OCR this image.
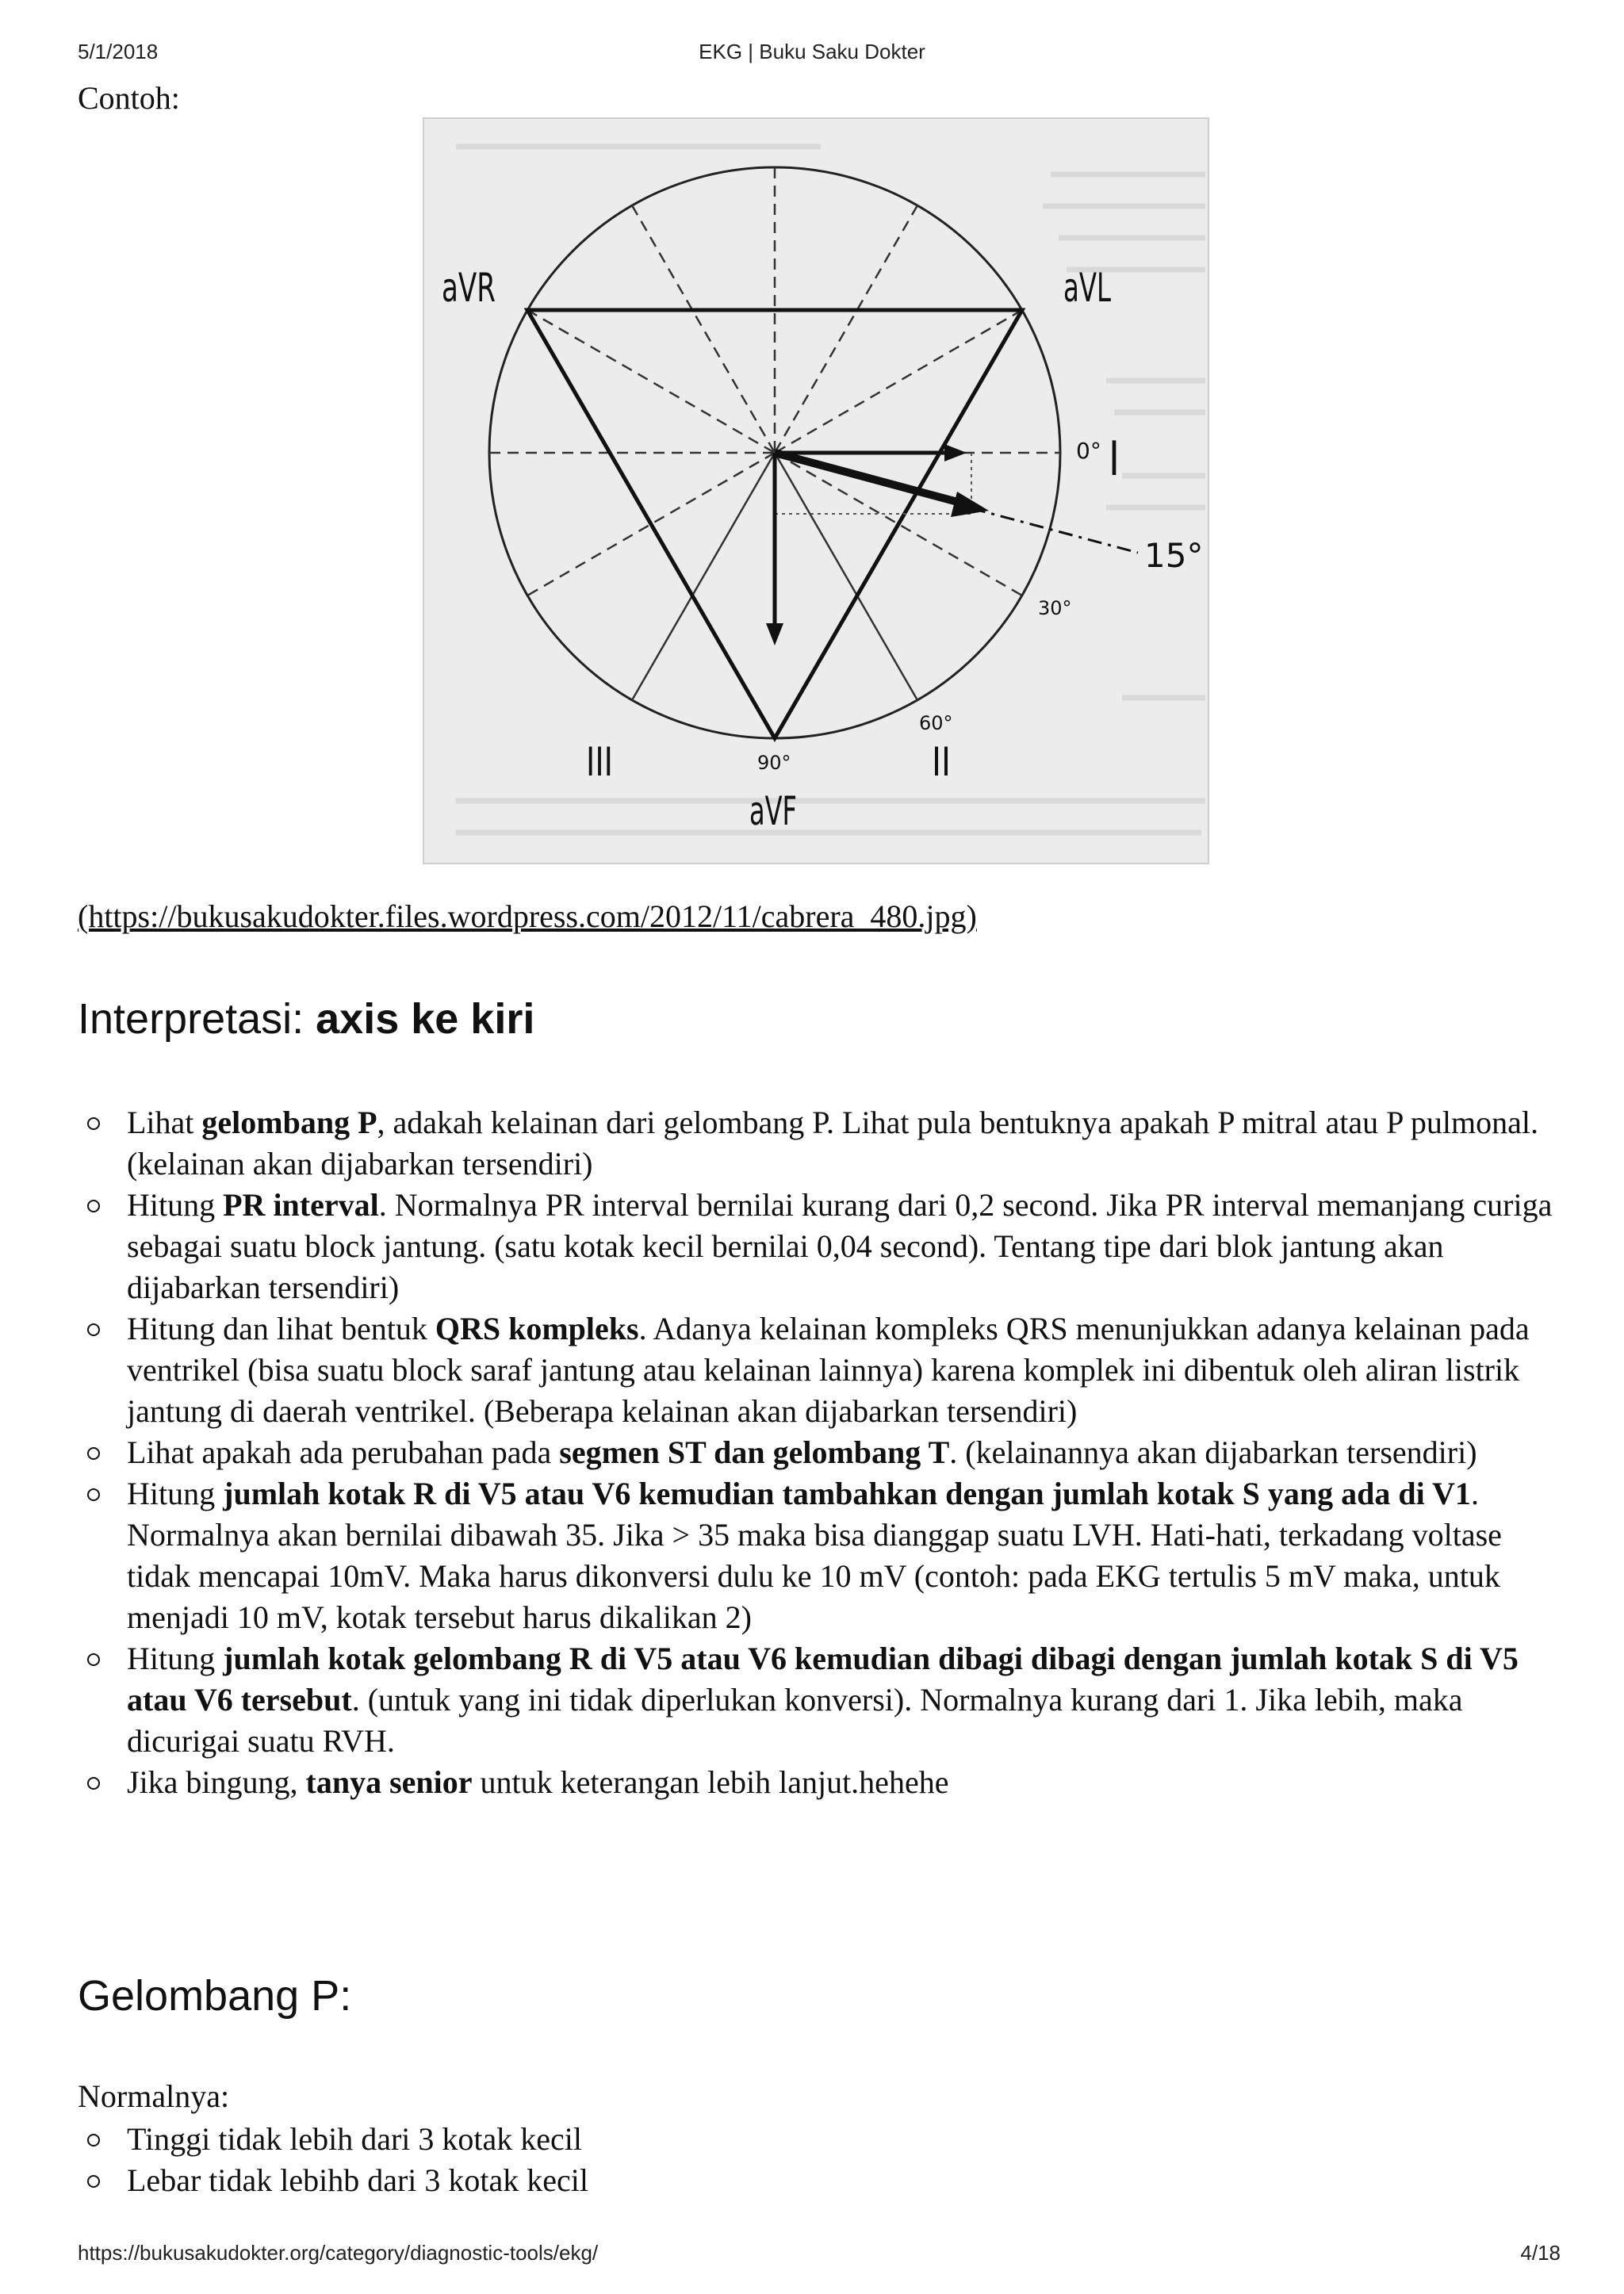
5/1/2018	EKG | Buku Saku Dokter
Contoh:
aVR	aVL
0° I
15°
30°
60°
90°
III	II
aVF
(https://bukusakudokter.files.wordpress.com/2012/11/cabrera_480.jpg)
Interpretasi: axis ke kiri
Lihat gelombang P, adakah kelainan dari gelombang P. Lihat pula bentuknya apakah P mitral atau P pulmonal. (kelainan akan dijabarkan tersendiri)
Hitung PR interval. Normalnya PR interval bernilai kurang dari 0,2 second. Jika PR interval memanjang curiga sebagai suatu block jantung. (satu kotak kecil bernilai 0,04 second). Tentang tipe dari blok jantung akan dijabarkan tersendiri)
Hitung dan lihat bentuk QRS kompleks. Adanya kelainan kompleks QRS menunjukkan adanya kelainan pada ventrikel (bisa suatu block saraf jantung atau kelainan lainnya) karena komplek ini dibentuk oleh aliran listrik jantung di daerah ventrikel. (Beberapa kelainan akan dijabarkan tersendiri)
Lihat apakah ada perubahan pada segmen ST dan gelombang T. (kelainannya akan dijabarkan tersendiri)
Hitung jumlah kotak R di V5 atau V6 kemudian tambahkan dengan jumlah kotak S yang ada di V1. Normalnya akan bernilai dibawah 35. Jika > 35 maka bisa dianggap suatu LVH. Hati-hati, terkadang voltase tidak mencapai 10mV. Maka harus dikonversi dulu ke 10 mV (contoh: pada EKG tertulis 5 mV maka, untuk menjadi 10 mV, kotak tersebut harus dikalikan 2)
Hitung jumlah kotak gelombang R di V5 atau V6 kemudian dibagi dibagi dengan jumlah kotak S di V5 atau V6 tersebut. (untuk yang ini tidak diperlukan konversi). Normalnya kurang dari 1. Jika lebih, maka dicurigai suatu RVH.
Jika bingung, tanya senior untuk keterangan lebih lanjut.hehehe
Gelombang P:
Normalnya:
Tinggi tidak lebih dari 3 kotak kecil
Lebar tidak lebihb dari 3 kotak kecil
https://bukusakudokter.org/category/diagnostic-tools/ekg/	4/18
